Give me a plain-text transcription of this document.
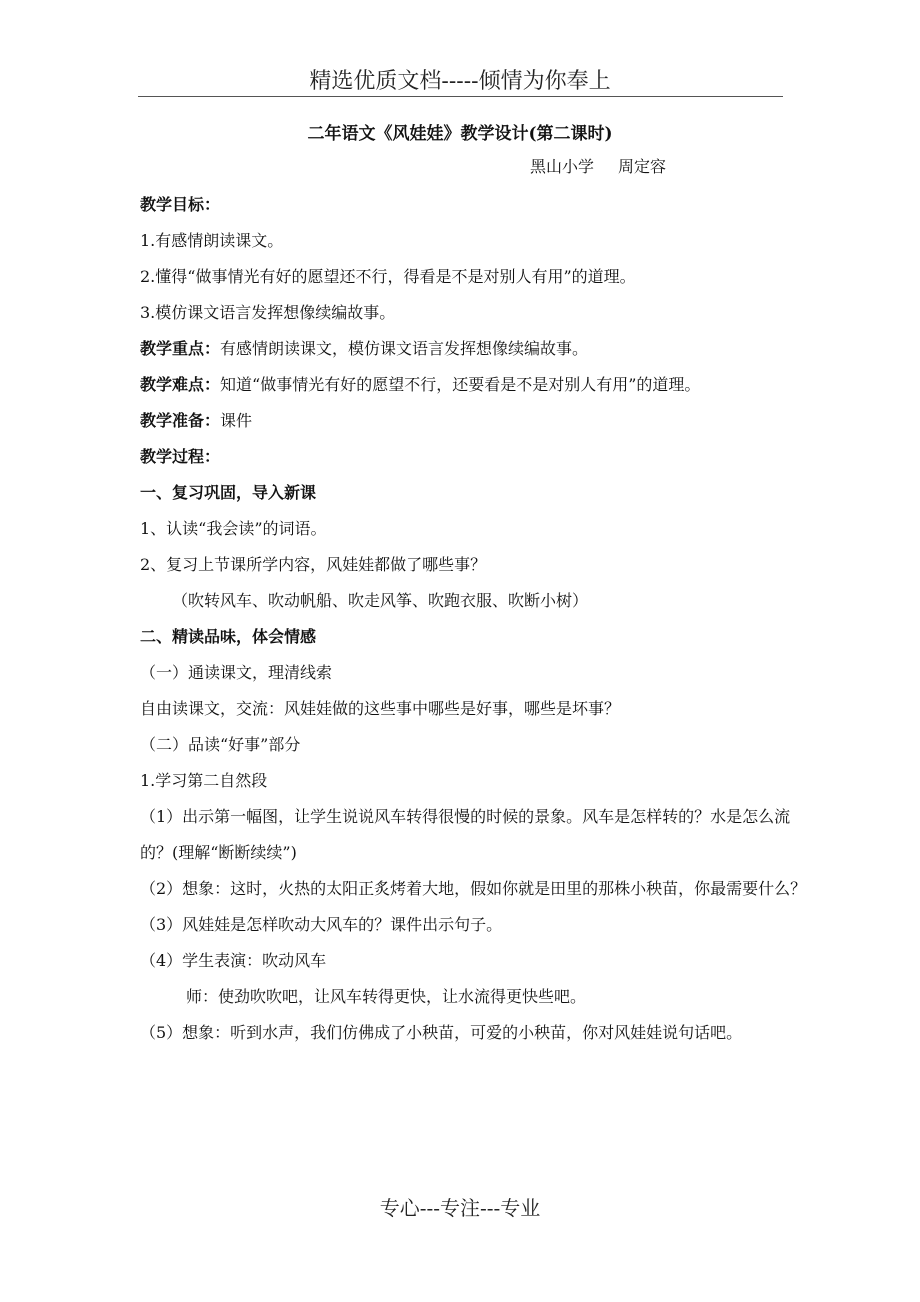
精选优质文档-----倾情为你奉上
二年语文《风娃娃》教学设计(第二课时)
黑山小学 周定容
教学目标：
1.有感情朗读课文。
2.懂得“做事情光有好的愿望还不行，得看是不是对别人有用”的道理。
3.模仿课文语言发挥想像续编故事。
教学重点：有感情朗读课文，模仿课文语言发挥想像续编故事。
教学难点：知道“做事情光有好的愿望不行，还要看是不是对别人有用”的道理。
教学准备：课件
教学过程：
一、复习巩固，导入新课
1、认读“我会读”的词语。
2、复习上节课所学内容，风娃娃都做了哪些事？
（吹转风车、吹动帆船、吹走风筝、吹跑衣服、吹断小树）
二、精读品味，体会情感
（一）通读课文，理清线索
自由读课文，交流：风娃娃做的这些事中哪些是好事，哪些是坏事？
（二）品读“好事”部分
1.学习第二自然段
（1）出示第一幅图，让学生说说风车转得很慢的时候的景象。风车是怎样转的？水是怎么流的？(理解“断断续续”)
（2）想象：这时，火热的太阳正炙烤着大地，假如你就是田里的那株小秧苗，你最需要什么？
（3）风娃娃是怎样吹动大风车的？课件出示句子。
（4）学生表演：吹动风车
师：使劲吹吹吧，让风车转得更快，让水流得更快些吧。
（5）想象：听到水声，我们仿佛成了小秧苗，可爱的小秧苗，你对风娃娃说句话吧。
专心---专注---专业
